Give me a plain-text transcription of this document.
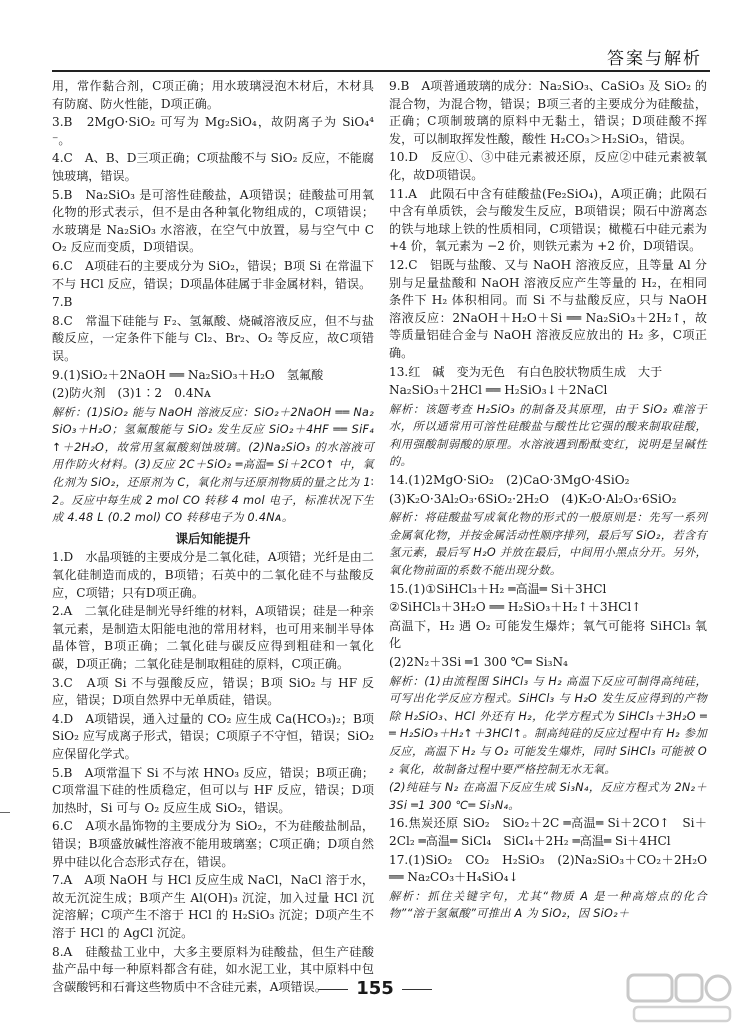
答案与解析

用，常作黏合剂，C项正确；用水玻璃浸泡木材后，木材具有防腐、防火性能，D项正确。

3.B　2MgO·SiO₂ 可写为 Mg₂SiO₄，故阴离子为 SiO₄⁴⁻。

4.C　A、B、D三项正确；C项盐酸不与 SiO₂ 反应，不能腐蚀玻璃，错误。

5.B　Na₂SiO₃ 是可溶性硅酸盐，A项错误；硅酸盐可用氧化物的形式表示，但不是由各种氧化物组成的，C项错误；水玻璃是 Na₂SiO₃ 水溶液，在空气中放置，易与空气中 CO₂ 反应而变质，D项错误。

6.C　A项硅石的主要成分为 SiO₂，错误；B项 Si 在常温下不与 HCl 反应，错误；D项晶体硅属于非金属材料，错误。

7.B

8.C　常温下硅能与 F₂、氢氟酸、烧碱溶液反应，但不与盐酸反应，一定条件下能与 Cl₂、Br₂、O₂ 等反应，故C项错误。

9.(1)SiO₂＋2NaOH ══ Na₂SiO₃＋H₂O　氢氟酸

(2)防火剂　(3)1∶2　0.4Nᴀ

解析：(1)SiO₂ 能与 NaOH 溶液反应：SiO₂＋2NaOH ══ Na₂SiO₃＋H₂O；氢氟酸能与 SiO₂ 发生反应 SiO₂＋4HF ══ SiF₄↑＋2H₂O，故常用氢氟酸刻蚀玻璃。(2)Na₂SiO₃ 的水溶液可用作防火材料。(3)反应 2C＋SiO₂ ═高温═ Si＋2CO↑ 中，氧化剂为 SiO₂，还原剂为 C，氧化剂与还原剂物质的量之比为 1∶2。反应中每生成 2 mol CO 转移 4 mol 电子，标准状况下生成 4.48 L (0.2 mol) CO 转移电子为 0.4Nᴀ。

课后知能提升

1.D　水晶项链的主要成分是二氧化硅，A项错；光纤是由二氧化硅制造而成的，B项错；石英中的二氧化硅不与盐酸反应，C项错；只有D项正确。

2.A　二氧化硅是制光导纤维的材料，A项错误；硅是一种亲氧元素，是制造太阳能电池的常用材料，也可用来制半导体晶体管，B项正确；二氧化硅与碳反应得到粗硅和一氧化碳，D项正确；二氧化硅是制取粗硅的原料，C项正确。

3.C　A项 Si 不与强酸反应，错误；B项 SiO₂ 与 HF 反应，错误；D项自然界中无单质硅，错误。

4.D　A项错误，通入过量的 CO₂ 应生成 Ca(HCO₃)₂；B项 SiO₂ 应写成离子形式，错误；C项原子不守恒，错误；SiO₂ 应保留化学式。

5.B　A项常温下 Si 不与浓 HNO₃ 反应，错误；B项正确；C项常温下硅的性质稳定，但可以与 HF 反应，错误；D项加热时，Si 可与 O₂ 反应生成 SiO₂，错误。

6.C　A项水晶饰物的主要成分为 SiO₂，不为硅酸盐制品，错误；B项盛放碱性溶液不能用玻璃塞；C项正确；D项自然界中硅以化合态形式存在，错误。

7.A　A项 NaOH 与 HCl 反应生成 NaCl，NaCl 溶于水，故无沉淀生成；B项产生 Al(OH)₃ 沉淀，加入过量 HCl 沉淀溶解；C项产生不溶于 HCl 的 H₂SiO₃ 沉淀；D项产生不溶于 HCl 的 AgCl 沉淀。

8.A　硅酸盐工业中，大多主要原料为硅酸盐，但生产硅酸盐产品中每一种原料都含有硅，如水泥工业，其中原料中包含碳酸钙和石膏这些物质中不含硅元素，A项错误。

9.B　A项普通玻璃的成分：Na₂SiO₃、CaSiO₃ 及 SiO₂ 的混合物，为混合物，错误；B项三者的主要成分为硅酸盐，正确；C项制玻璃的原料中无黏土，错误；D项硅酸不挥发，可以制取挥发性酸，酸性 H₂CO₃＞H₂SiO₃，错误。

10.D　反应①、③中硅元素被还原，反应②中硅元素被氧化，故D项错误。

11.A　此陨石中含有硅酸盐(Fe₂SiO₄)，A项正确；此陨石中含有单质铁，会与酸发生反应，B项错误；陨石中游离态的铁与地球上铁的性质相同，C项错误；橄榄石中硅元素为 +4 价，氧元素为 −2 价，则铁元素为 +2 价，D项错误。

12.C　铝既与盐酸、又与 NaOH 溶液反应，且等量 Al 分别与足量盐酸和 NaOH 溶液反应产生等量的 H₂，在相同条件下 H₂ 体积相同。而 Si 不与盐酸反应，只与 NaOH 溶液反应：2NaOH＋H₂O＋Si ══ Na₂SiO₃＋2H₂↑，故等质量铝硅合金与 NaOH 溶液反应放出的 H₂ 多，C项正确。

13.红　碱　变为无色　有白色胶状物质生成　大于

Na₂SiO₃＋2HCl ══ H₂SiO₃↓＋2NaCl

解析：该题考查 H₂SiO₃ 的制备及其原理，由于 SiO₂ 难溶于水，所以通常用可溶性硅酸盐与酸性比它强的酸来制取硅酸，利用强酸制弱酸的原理。水溶液遇到酚酞变红，说明是呈碱性的。

14.(1)2MgO·SiO₂　(2)CaO·3MgO·4SiO₂

(3)K₂O·3Al₂O₃·6SiO₂·2H₂O　(4)K₂O·Al₂O₃·6SiO₂

解析：将硅酸盐写成氧化物的形式的一般原则是：先写一系列金属氧化物，并按金属活动性顺序排列，最后写 SiO₂，若含有氢元素，最后写 H₂O 并放在最后，中间用小黑点分开。另外，氧化物前面的系数不能出现分数。

15.(1)①SiHCl₃＋H₂ ═高温═ Si＋3HCl

②SiHCl₃＋3H₂O ══ H₂SiO₃＋H₂↑＋3HCl↑

高温下，H₂ 遇 O₂ 可能发生爆炸；氧气可能将 SiHCl₃ 氧化

(2)2N₂＋3Si ═1 300 ℃═ Si₃N₄

解析：(1)由流程图 SiHCl₃ 与 H₂ 高温下反应可制得高纯硅，可写出化学反应方程式。SiHCl₃ 与 H₂O 发生反应得到的产物除 H₂SiO₃、HCl 外还有 H₂，化学方程式为 SiHCl₃＋3H₂O ══ H₂SiO₃＋H₂↑＋3HCl↑。制高纯硅的反应过程中有 H₂ 参加反应，高温下 H₂ 与 O₂ 可能发生爆炸，同时 SiHCl₃ 可能被 O₂ 氧化，故制备过程中要严格控制无水无氧。

(2)纯硅与 N₂ 在高温下反应生成 Si₃N₄，反应方程式为 2N₂＋3Si ═1 300 ℃═ Si₃N₄。

16.焦炭还原 SiO₂　SiO₂＋2C ═高温═ Si＋2CO↑　Si＋2Cl₂ ═高温═ SiCl₄　SiCl₄＋2H₂ ═高温═ Si＋4HCl

17.(1)SiO₂　CO₂　H₂SiO₃　(2)Na₂SiO₃＋CO₂＋2H₂O ══ Na₂CO₃＋H₄SiO₄↓

解析：抓住关键字句，尤其“物质 A 是一种高熔点的化合物”“溶于氢氟酸”可推出 A 为 SiO₂，因 SiO₂＋

155
